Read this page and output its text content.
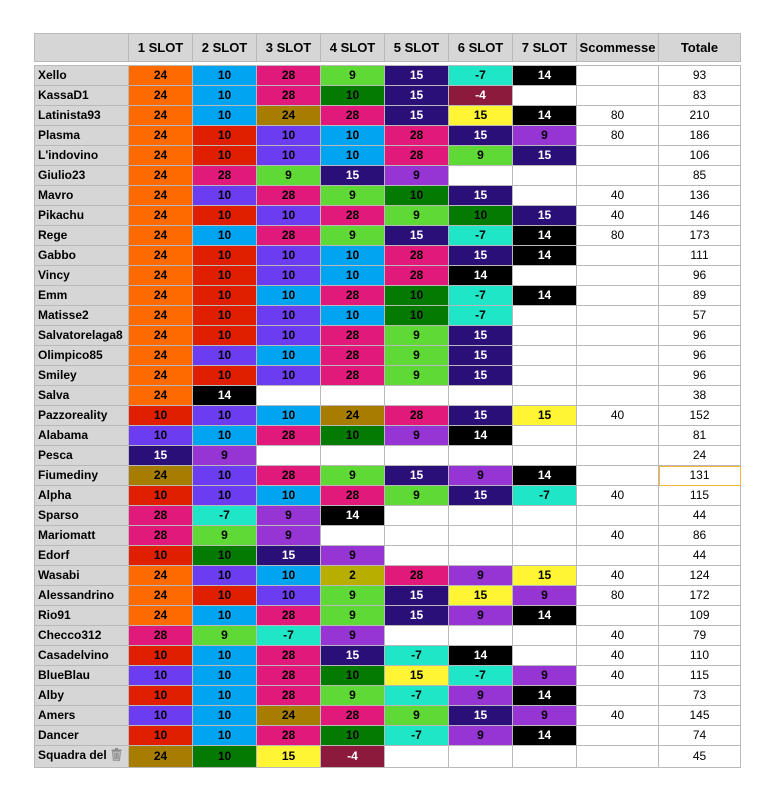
	1 SLOT	2 SLOT	3 SLOT	4 SLOT	5 SLOT	6 SLOT	7 SLOT	Scommesse	Totale

Xello	24	10	28	9	15	-7	14		93
KassaD1	24	10	28	10	15	-4			83
Latinista93	24	10	24	28	15	15	14	80	210
Plasma	24	10	10	10	28	15	9	80	186
L'indovino	24	10	10	10	28	9	15		106
Giulio23	24	28	9	15	9				85
Mavro	24	10	28	9	10	15		40	136
Pikachu	24	10	10	28	9	10	15	40	146
Rege	24	10	28	9	15	-7	14	80	173
Gabbo	24	10	10	10	28	15	14		111
Vincy	24	10	10	10	28	14			96
Emm	24	10	10	28	10	-7	14		89
Matisse2	24	10	10	10	10	-7			57
Salvatorelaga8	24	10	10	28	9	15			96
Olimpico85	24	10	10	28	9	15			96
Smiley	24	10	10	28	9	15			96
Salva	24	14							38
Pazzoreality	10	10	10	24	28	15	15	40	152
Alabama	10	10	28	10	9	14			81
Pesca	15	9							24
Fiumediny	24	10	28	9	15	9	14		131
Alpha	10	10	10	28	9	15	-7	40	115
Sparso	28	-7	9	14					44
Mariomatt	28	9	9					40	86
Edorf	10	10	15	9					44
Wasabi	24	10	10	2	28	9	15	40	124
Alessandrino	24	10	10	9	15	15	9	80	172
Rio91	24	10	28	9	15	9	14		109
Checco312	28	9	-7	9				40	79
Casadelvino	10	10	28	15	-7	14		40	110
BlueBlau	10	10	28	10	15	-7	9	40	115
Alby	10	10	28	9	-7	9	14		73
Amers	10	10	24	28	9	15	9	40	145
Dancer	10	10	28	10	-7	9	14		74
Squadra del	24	10	15	-4					45
